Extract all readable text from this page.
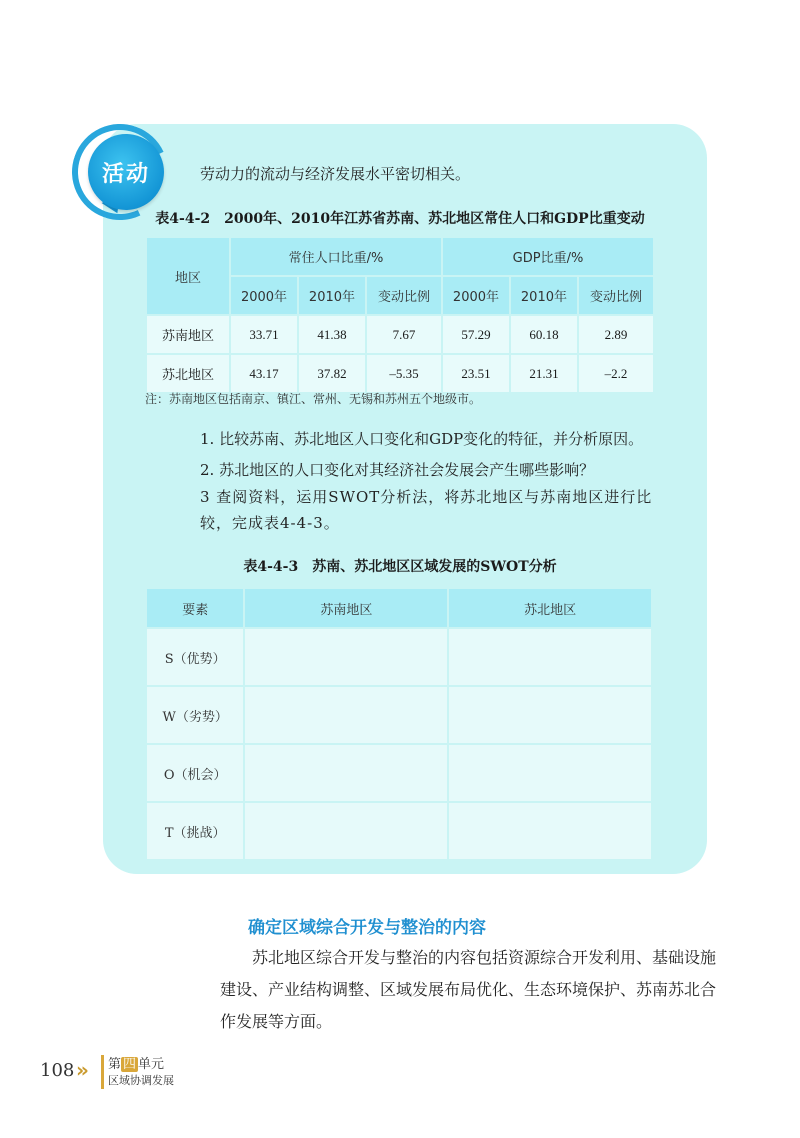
活动	劳动力的流动与经济发展水平密切相关。
表4-4-2 2000年、2010年江苏省苏南、苏北地区常住人口和GDP比重变动
地区	常住人口比重/%			GDP比重/%		
	2000年	2010年	变动比例	2000年	2010年	变动比例
苏南地区	33.71	41.38	7.67	57.29	60.18	2.89
苏北地区	43.17	37.82	–5.35	23.51	21.31	–2.2
注：苏南地区包括南京、镇江、常州、无锡和苏州五个地级市。
1. 比较苏南、苏北地区人口变化和GDP变化的特征，并分析原因。
2. 苏北地区的人口变化对其经济社会发展会产生哪些影响？
3 查阅资料，运用SWOT分析法，将苏北地区与苏南地区进行比较，完成表4-4-3。
表4-4-3 苏南、苏北地区区域发展的SWOT分析
要素	苏南地区	苏北地区
S（优势）		
W（劣势）		
O（机会）		
T（挑战）		
确定区域综合开发与整治的内容
苏北地区综合开发与整治的内容包括资源综合开发利用、基础设施建设、产业结构调整、区域发展布局优化、生态环境保护、苏南苏北合作发展等方面。
108 » 第 四 单元
区域协调发展
